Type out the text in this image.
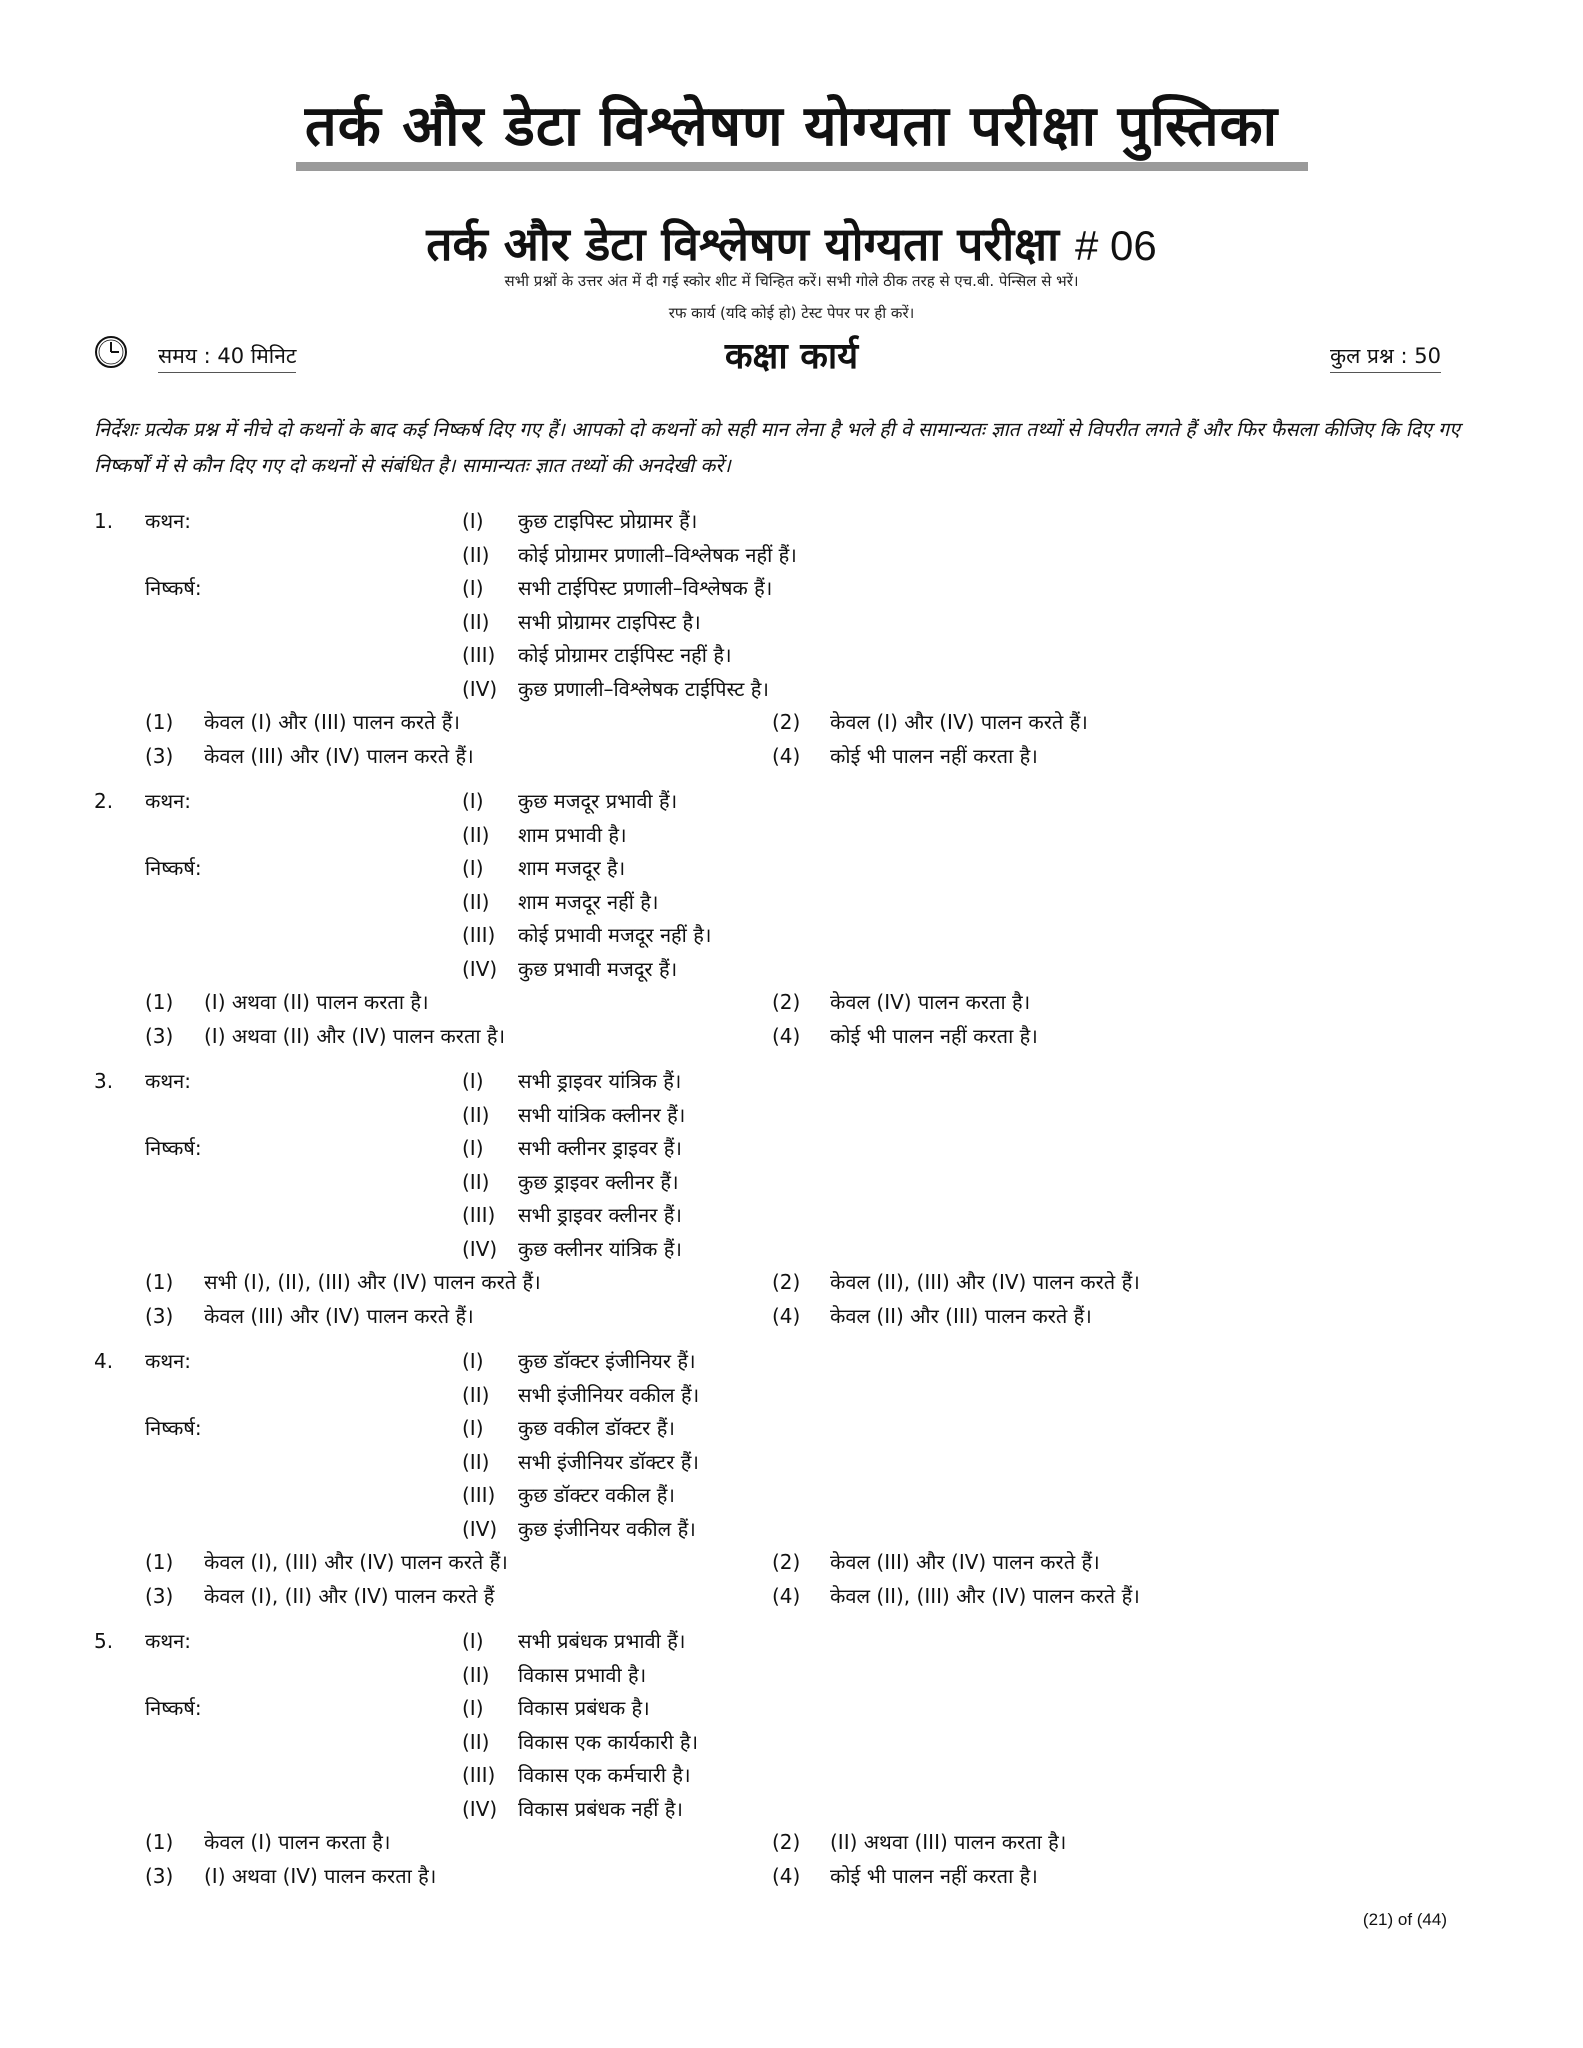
तर्क और डेटा विश्लेषण योग्यता परीक्षा पुस्तिका
तर्क और डेटा विश्लेषण योग्यता परीक्षा # 06
सभी प्रश्नों के उत्तर अंत में दी गई स्कोर शीट में चिन्हित करें। सभी गोले ठीक तरह से एच.बी. पेन्सिल से भरें।
रफ कार्य (यदि कोई हो) टेस्ट पेपर पर ही करें।
समय : 40 मिनिट	कक्षा कार्य	कुल प्रश्न : 50
निर्देशः प्रत्येक प्रश्न में नीचे दो कथनों के बाद कई निष्कर्ष दिए गए हैं। आपको दो कथनों को सही मान लेना है भले ही वे सामान्यतः ज्ञात तथ्यों से विपरीत लगते हैं और फिर फैसला कीजिए कि दिए गए निष्कर्षों में से कौन दिए गए दो कथनों से संबंधित है। सामान्यतः ज्ञात तथ्यों की अनदेखी करें।
1. कथन:	(I) कुछ टाइपिस्ट प्रोग्रामर हैं।
(II) कोई प्रोग्रामर प्रणाली–विश्लेषक नहीं हैं।
निष्कर्ष:	(I) सभी टाईपिस्ट प्रणाली–विश्लेषक हैं।
(II) सभी प्रोग्रामर टाइपिस्ट है।
(III) कोई प्रोग्रामर टाईपिस्ट नहीं है।
(IV) कुछ प्रणाली–विश्लेषक टाईपिस्ट है।
(1) केवल (I) और (III) पालन करते हैं।	(2) केवल (I) और (IV) पालन करते हैं।
(3) केवल (III) और (IV) पालन करते हैं।	(4) कोई भी पालन नहीं करता है।
2. कथन:	(I) कुछ मजदूर प्रभावी हैं।
(II) शाम प्रभावी है।
निष्कर्ष:	(I) शाम मजदूर है।
(II) शाम मजदूर नहीं है।
(III) कोई प्रभावी मजदूर नहीं है।
(IV) कुछ प्रभावी मजदूर हैं।
(1) (I) अथवा (II) पालन करता है।	(2) केवल (IV) पालन करता है।
(3) (I) अथवा (II) और (IV) पालन करता है।	(4) कोई भी पालन नहीं करता है।
3. कथन:	(I) सभी ड्राइवर यांत्रिक हैं।
(II) सभी यांत्रिक क्लीनर हैं।
निष्कर्ष:	(I) सभी क्लीनर ड्राइवर हैं।
(II) कुछ ड्राइवर क्लीनर हैं।
(III) सभी ड्राइवर क्लीनर हैं।
(IV) कुछ क्लीनर यांत्रिक हैं।
(1) सभी (I), (II), (III) और (IV) पालन करते हैं।	(2) केवल (II), (III) और (IV) पालन करते हैं।
(3) केवल (III) और (IV) पालन करते हैं।	(4) केवल (II) और (III) पालन करते हैं।
4. कथन:	(I) कुछ डॉक्टर इंजीनियर हैं।
(II) सभी इंजीनियर वकील हैं।
निष्कर्ष:	(I) कुछ वकील डॉक्टर हैं।
(II) सभी इंजीनियर डॉक्टर हैं।
(III) कुछ डॉक्टर वकील हैं।
(IV) कुछ इंजीनियर वकील हैं।
(1) केवल (I), (III) और (IV) पालन करते हैं।	(2) केवल (III) और (IV) पालन करते हैं।
(3) केवल (I), (II) और (IV) पालन करते हैं	(4) केवल (II), (III) और (IV) पालन करते हैं।
5. कथन:	(I) सभी प्रबंधक प्रभावी हैं।
(II) विकास प्रभावी है।
निष्कर्ष:	(I) विकास प्रबंधक है।
(II) विकास एक कार्यकारी है।
(III) विकास एक कर्मचारी है।
(IV) विकास प्रबंधक नहीं है।
(1) केवल (I) पालन करता है।	(2) (II) अथवा (III) पालन करता है।
(3) (I) अथवा (IV) पालन करता है।	(4) कोई भी पालन नहीं करता है।
(21) of (44)
